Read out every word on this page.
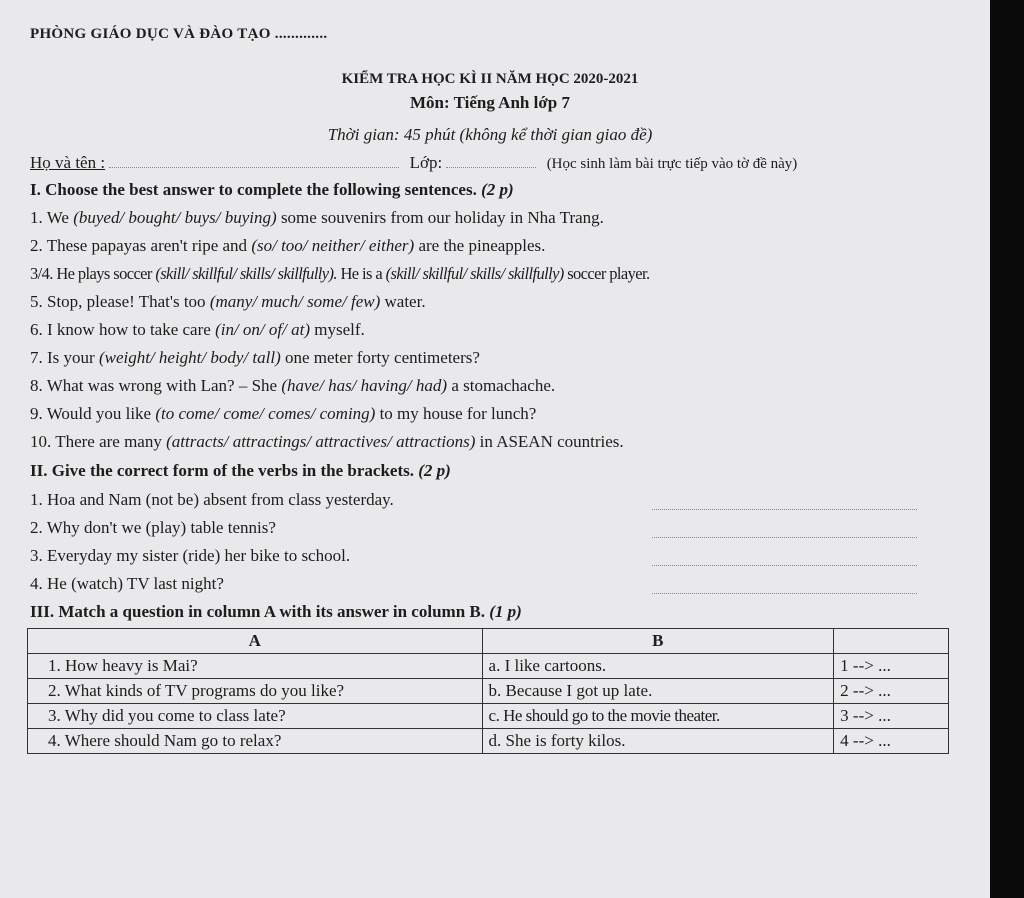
PHÒNG GIÁO DỤC VÀ ĐÀO TẠO .............
KIỂM TRA HỌC KÌ II NĂM HỌC 2020-2021
Môn: Tiếng Anh lớp 7
Thời gian: 45 phút (không kể thời gian giao đề)
Họ và tên :	Lớp:	(Học sinh làm bài trực tiếp vào tờ đề này)
I. Choose the best answer to complete the following sentences. (2 p)
1. We (buyed/ bought/ buys/ buying) some souvenirs from our holiday in Nha Trang.
2. These papayas aren't ripe and (so/ too/ neither/ either) are the pineapples.
3/4. He plays soccer (skill/ skillful/ skills/ skillfully). He is a (skill/ skillful/ skills/ skillfully) soccer player.
5. Stop, please! That's too (many/ much/ some/ few) water.
6. I know how to take care (in/ on/ of/ at) myself.
7. Is your (weight/ height/ body/ tall) one meter forty centimeters?
8. What was wrong with Lan? – She (have/ has/ having/ had) a stomachache.
9. Would you like (to come/ come/ comes/ coming) to my house for lunch?
10. There are many (attracts/ attractings/ attractives/ attractions) in ASEAN countries.
II. Give the correct form of the verbs in the brackets. (2 p)
1. Hoa and Nam (not be) absent from class yesterday.
2. Why don't we (play) table tennis?
3. Everyday my sister (ride) her bike to school.
4. He (watch) TV last night?
III. Match a question in column A with its answer in column B. (1 p)
A	B	
1. How heavy is Mai?	a. I like cartoons.	1 --> ...
2. What kinds of TV programs do you like?	b. Because I got up late.	2 --> ...
3. Why did you come to class late?	c. He should go to the movie theater.	3 --> ...
4. Where should Nam go to relax?	d. She is forty kilos.	4 --> ...
